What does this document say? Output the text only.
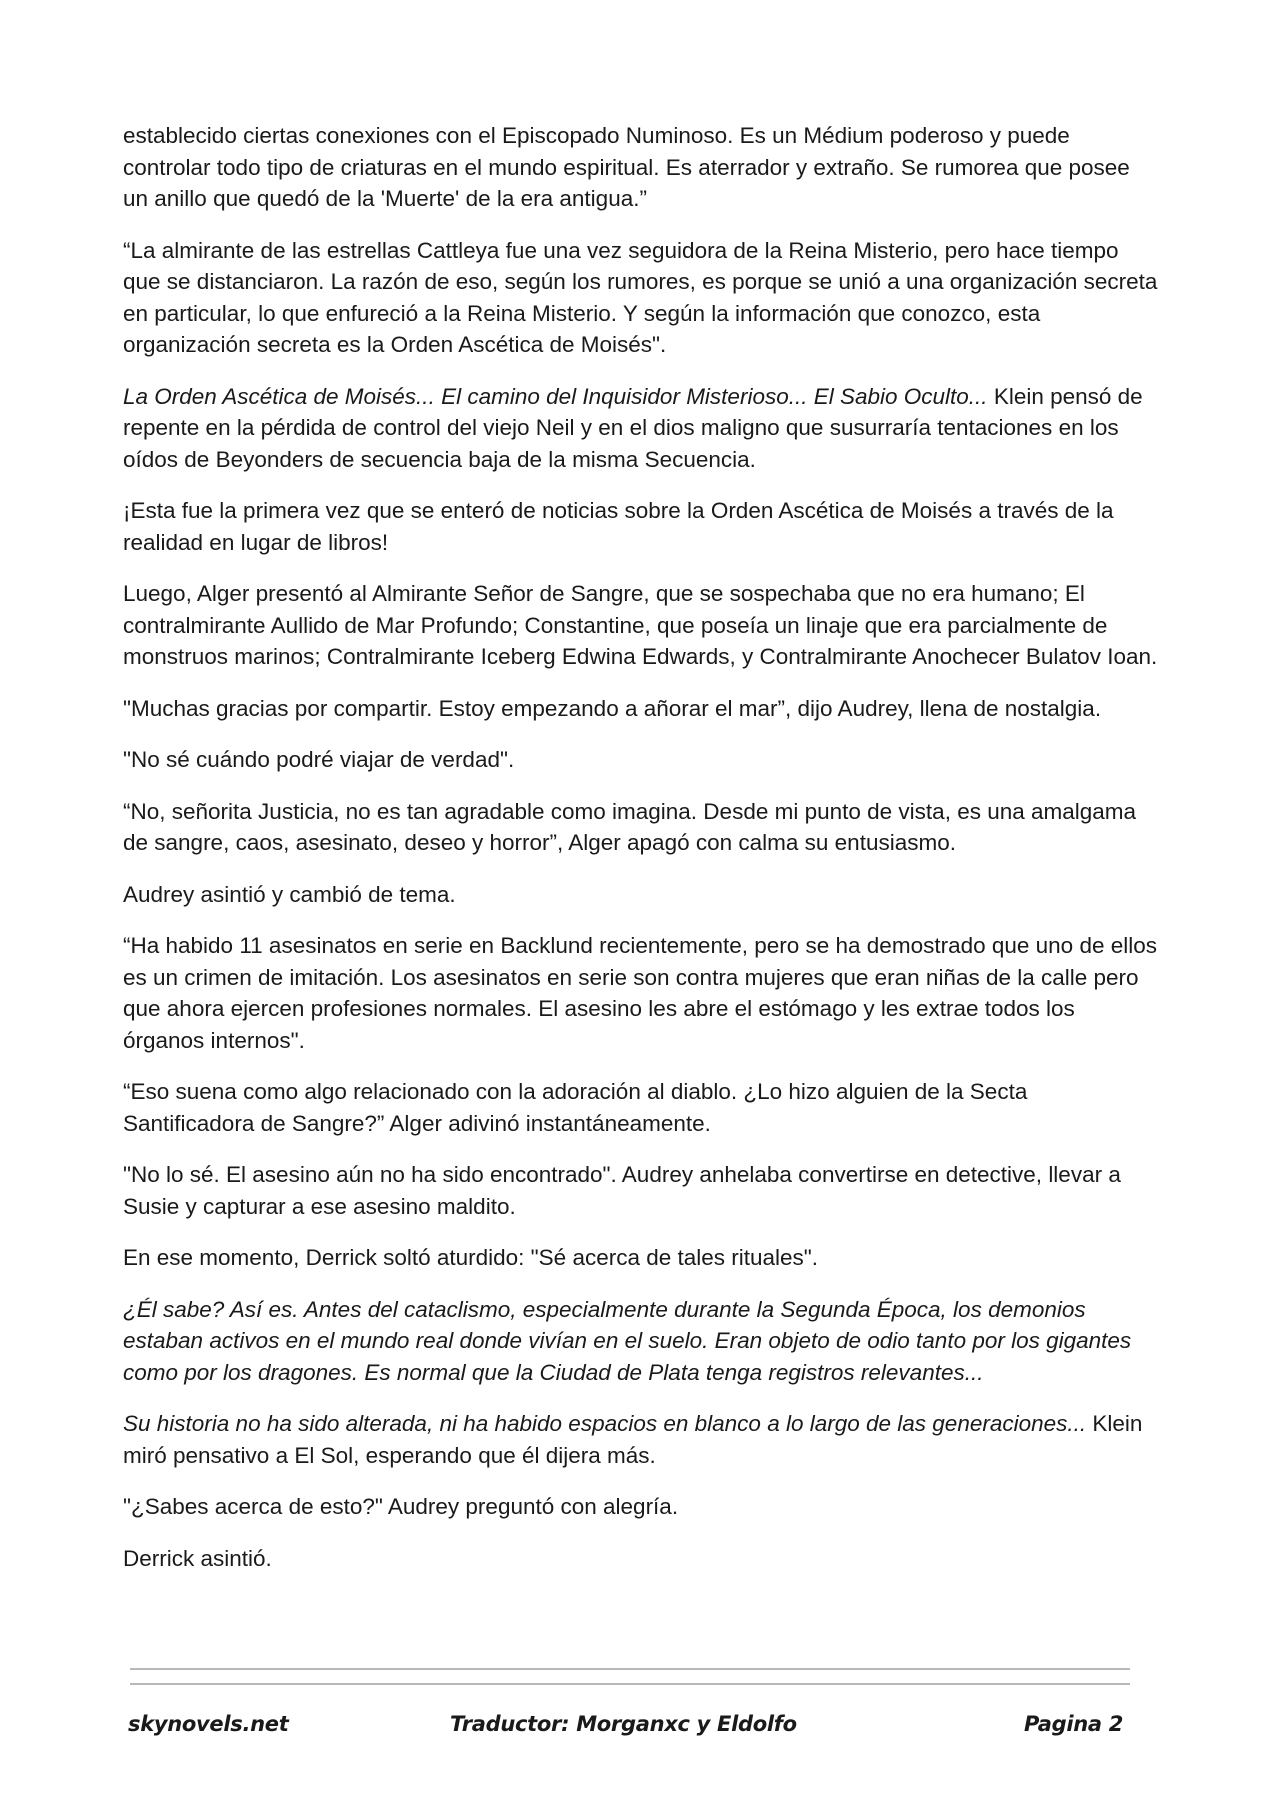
establecido ciertas conexiones con el Episcopado Numinoso. Es un Médium poderoso y puede controlar todo tipo de criaturas en el mundo espiritual. Es aterrador y extraño. Se rumorea que posee un anillo que quedó de la 'Muerte' de la era antigua.”

“La almirante de las estrellas Cattleya fue una vez seguidora de la Reina Misterio, pero hace tiempo que se distanciaron. La razón de eso, según los rumores, es porque se unió a una organización secreta en particular, lo que enfureció a la Reina Misterio. Y según la información que conozco, esta organización secreta es la Orden Ascética de Moisés".

La Orden Ascética de Moisés... El camino del Inquisidor Misterioso... El Sabio Oculto... Klein pensó de repente en la pérdida de control del viejo Neil y en el dios maligno que susurraría tentaciones en los oídos de Beyonders de secuencia baja de la misma Secuencia.

¡Esta fue la primera vez que se enteró de noticias sobre la Orden Ascética de Moisés a través de la realidad en lugar de libros!

Luego, Alger presentó al Almirante Señor de Sangre, que se sospechaba que no era humano; El contralmirante Aullido de Mar Profundo; Constantine, que poseía un linaje que era parcialmente de monstruos marinos; Contralmirante Iceberg Edwina Edwards, y Contralmirante Anochecer Bulatov Ioan.

"Muchas gracias por compartir. Estoy empezando a añorar el mar”, dijo Audrey, llena de nostalgia.

"No sé cuándo podré viajar de verdad".

“No, señorita Justicia, no es tan agradable como imagina. Desde mi punto de vista, es una amalgama de sangre, caos, asesinato, deseo y horror”, Alger apagó con calma su entusiasmo.

Audrey asintió y cambió de tema.

“Ha habido 11 asesinatos en serie en Backlund recientemente, pero se ha demostrado que uno de ellos es un crimen de imitación. Los asesinatos en serie son contra mujeres que eran niñas de la calle pero que ahora ejercen profesiones normales. El asesino les abre el estómago y les extrae todos los órganos internos".

“Eso suena como algo relacionado con la adoración al diablo. ¿Lo hizo alguien de la Secta Santificadora de Sangre?” Alger adivinó instantáneamente.

"No lo sé. El asesino aún no ha sido encontrado". Audrey anhelaba convertirse en detective, llevar a Susie y capturar a ese asesino maldito.

En ese momento, Derrick soltó aturdido: "Sé acerca de tales rituales".

¿Él sabe? Así es. Antes del cataclismo, especialmente durante la Segunda Época, los demonios estaban activos en el mundo real donde vivían en el suelo. Eran objeto de odio tanto por los gigantes como por los dragones. Es normal que la Ciudad de Plata tenga registros relevantes...

Su historia no ha sido alterada, ni ha habido espacios en blanco a lo largo de las generaciones... Klein miró pensativo a El Sol, esperando que él dijera más.

"¿Sabes acerca de esto?" Audrey preguntó con alegría.

Derrick asintió.

skynovels.net	Traductor: Morganxc y Eldolfo	Pagina 2
